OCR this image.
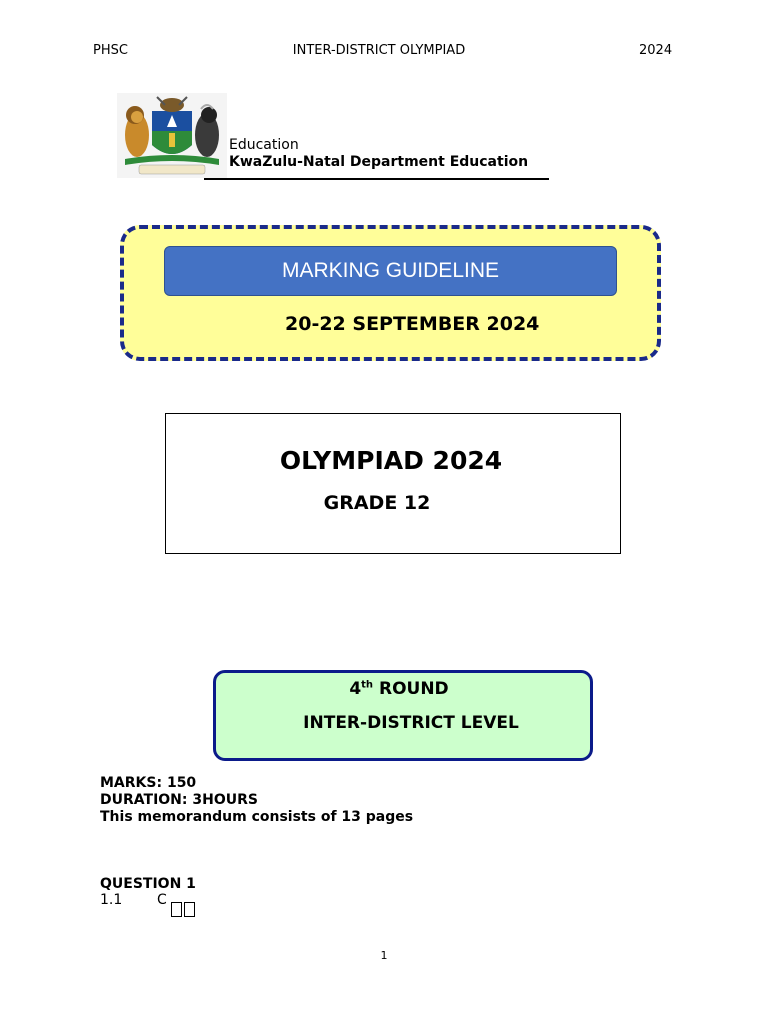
PHSC	INTER-DISTRICT OLYMPIAD	2024
Education
KwaZulu-Natal Department Education
MARKING GUIDELINE
20-22 SEPTEMBER 2024
OLYMPIAD 2024
GRADE 12
4th ROUND
INTER-DISTRICT LEVEL
MARKS: 150
DURATION: 3HOURS
This memorandum consists of 13 pages
QUESTION 1
1.1 C
1
